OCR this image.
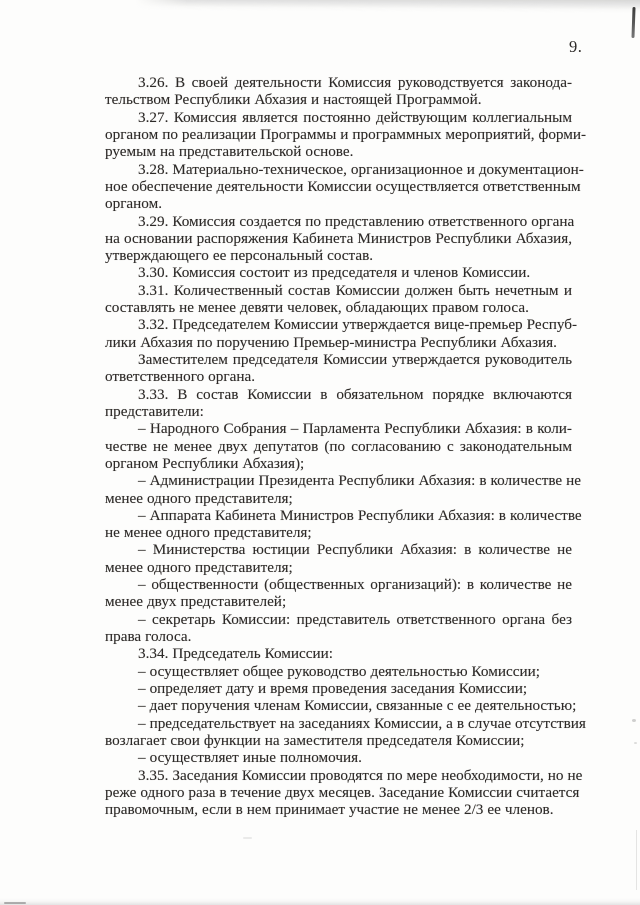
9.
3.26. В своей деятельности Комиссия руководствуется законода-
тельством Республики Абхазия и настоящей Программой.
3.27. Комиссия является постоянно действующим коллегиальным
органом по реализации Программы и программных мероприятий, форми-
руемым на представительской основе.
3.28. Материально-техническое, организационное и документацион-
ное обеспечение деятельности Комиссии осуществляется ответственным
органом.
3.29. Комиссия создается по представлению ответственного органа
на основании распоряжения Кабинета Министров Республики Абхазия,
утверждающего ее персональный состав.
3.30. Комиссия состоит из председателя и членов Комиссии.
3.31. Количественный состав Комиссии должен быть нечетным и
составлять не менее девяти человек, обладающих правом голоса.
3.32. Председателем Комиссии утверждается вице-премьер Респуб-
лики Абхазия по поручению Премьер-министра Республики Абхазия.
Заместителем председателя Комиссии утверждается руководитель
ответственного органа.
3.33. В состав Комиссии в обязательном порядке включаются
представители:
– Народного Собрания – Парламента Республики Абхазия: в коли-
честве не менее двух депутатов (по согласованию с законодательным
органом Республики Абхазия);
– Администрации Президента Республики Абхазия: в количестве не
менее одного представителя;
– Аппарата Кабинета Министров Республики Абхазия: в количестве
не менее одного представителя;
– Министерства юстиции Республики Абхазия: в количестве не
менее одного представителя;
– общественности (общественных организаций): в количестве не
менее двух представителей;
– секретарь Комиссии: представитель ответственного органа без
права голоса.
3.34. Председатель Комиссии:
– осуществляет общее руководство деятельностью Комиссии;
– определяет дату и время проведения заседания Комиссии;
– дает поручения членам Комиссии, связанные с ее деятельностью;
– председательствует на заседаниях Комиссии, а в случае отсутствия
возлагает свои функции на заместителя председателя Комиссии;
– осуществляет иные полномочия.
3.35. Заседания Комиссии проводятся по мере необходимости, но не
реже одного раза в течение двух месяцев. Заседание Комиссии считается
правомочным, если в нем принимает участие не менее 2/3 ее членов.
